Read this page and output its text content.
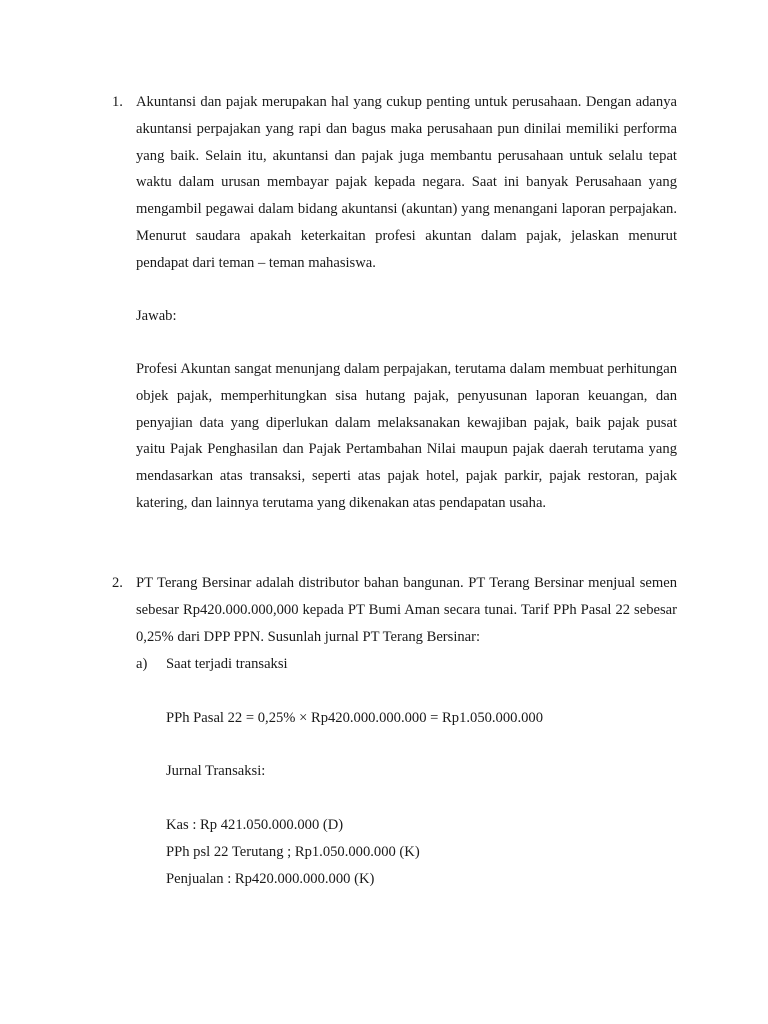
1. Akuntansi dan pajak merupakan hal yang cukup penting untuk perusahaan. Dengan adanya akuntansi perpajakan yang rapi dan bagus maka perusahaan pun dinilai memiliki performa yang baik. Selain itu, akuntansi dan pajak juga membantu perusahaan untuk selalu tepat waktu dalam urusan membayar pajak kepada negara. Saat ini banyak Perusahaan yang mengambil pegawai dalam bidang akuntansi (akuntan) yang menangani laporan perpajakan. Menurut saudara apakah keterkaitan profesi akuntan dalam pajak, jelaskan menurut pendapat dari teman – teman mahasiswa.

Jawab:

Profesi Akuntan sangat menunjang dalam perpajakan, terutama dalam membuat perhitungan objek pajak, memperhitungkan sisa hutang pajak, penyusunan laporan keuangan, dan penyajian data yang diperlukan dalam melaksanakan kewajiban pajak, baik pajak pusat yaitu Pajak Penghasilan dan Pajak Pertambahan Nilai maupun pajak daerah terutama yang mendasarkan atas transaksi, seperti atas pajak hotel, pajak parkir, pajak restoran, pajak katering, dan lainnya terutama yang dikenakan atas pendapatan usaha.

2. PT Terang Bersinar adalah distributor bahan bangunan. PT Terang Bersinar menjual semen sebesar Rp420.000.000,000 kepada PT Bumi Aman secara tunai. Tarif PPh Pasal 22 sebesar 0,25% dari DPP PPN. Susunlah jurnal PT Terang Bersinar:

a) Saat terjadi transaksi
PPh Pasal 22 = 0,25% × Rp420.000.000.000 = Rp1.050.000.000
Jurnal Transaksi:
Kas : Rp 421.050.000.000 (D)
PPh psl 22 Terutang ; Rp1.050.000.000 (K)
Penjualan : Rp420.000.000.000 (K)
